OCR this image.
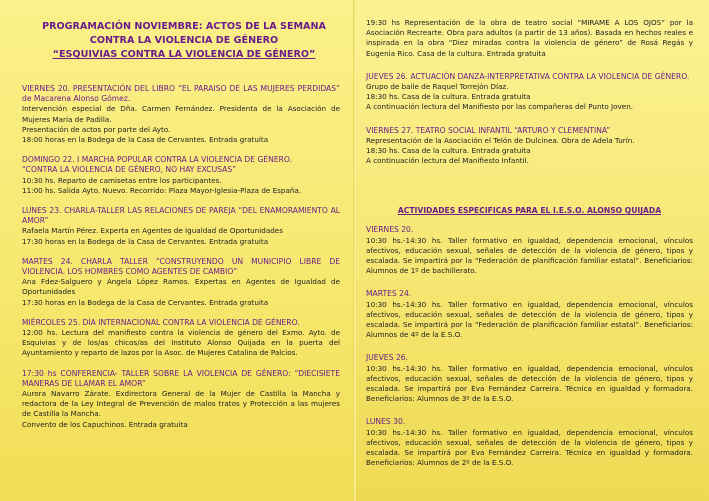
PROGRAMACIÓN NOVIEMBRE: ACTOS DE LA SEMANA
CONTRA LA VIOLENCIA DE GÉNERO
“ESQUIVIAS CONTRA LA VIOLENCIA DE GÉNERO”
VIERNES 20. PRESENTACIÓN DEL LIBRO “EL PARAISO DE LAS MUJERES PERDIDAS” de Macarena Alonso Gómez.
Intervención especial de Dña. Carmen Fernández. Presidenta de la Asociación de Mujeres María de Padilla.
Presentación de actos por parte del Ayto.
18:00 horas en la Bodega de la Casa de Cervantes. Entrada gratuita
DOMINGO 22. I MARCHA POPULAR CONTRA LA VIOLENCIA DE GÉNERO.
“CONTRA LA VIOLENCIA DE GÉNERO, NO HAY EXCUSAS”
10:30 hs. Reparto de camisetas entre los participantes.
11:00 hs. Salida Ayto. Nuevo. Recorrido: Plaza Mayor-Iglesia-Plaza de España.
LUNES 23. CHARLA-TALLER LAS RELACIONES DE PAREJA “DEL ENAMORAMIENTO AL AMOR”
Rafaela Martín Pérez. Experta en Agentes de Igualdad de Oportunidades
17:30 horas en la Bodega de la Casa de Cervantes. Entrada gratuita
MARTES 24. CHARLA TALLER “CONSTRUYENDO UN MUNICIPIO LIBRE DE VIOLENCIA. LOS HOMBRES COMO AGENTES DE CAMBIO”
Ana Fdez-Salguero y Ángela López Ramos. Expertas en Agentes de Igualdad de Oportunidades
17:30 horas en la Bodega de la Casa de Cervantes. Entrada gratuita
MIÉRCOLES 25. DÍA INTERNACIONAL CONTRA LA VIOLENCIA DE GÉNERO.
12:00 hs. Lectura del manifiesto contra la violencia de género del Exmo. Ayto. de Esquivias y de los/as chicos/as del Instituto Alonso Quijada en la puerta del Ayuntamiento y reparto de lazos por la Asoc. de Mujeres Catalina de Palcios.
17:30 hs CONFERENCIA- TALLER SOBRE LA VIOLENCIA DE GÉNERO: “DIECISIETE MANERAS DE LLAMAR EL AMOR”
Aurora Navarro Zárate. Exdirectora General de la Mujer de Castilla la Mancha y redactora de la Ley Integral de Prevención de malos tratos y Protección a las mujeres de Castilla la Mancha.
Convento de los Capuchinos. Entrada gratuita
19:30 hs Representación de la obra de teatro social “MIRAME A LOS OJOS” por la Asociación Recrearte. Obra para adultos (a partir de 13 años). Basada en hechos reales e inspirada en la obra “Diez miradas contra la violencia de género” de Rosá Regás y Eugenia Rico. Casa de la cultura. Entrada gratuita
JUEVES 26. ACTUACIÓN DANZA-INTERPRETATIVA CONTRA LA VIOLENCIA DE GÉNERO.
Grupo de baile de Raquel Torrejón Díaz.
18:30 hs. Casa de la cultura. Entrada gratuita
A continuación lectura del Manifiesto por las compañeras del Punto Joven.
VIERNES 27. TEATRO SOCIAL INFANTIL “ARTURO Y CLEMENTINA”
Representación de la Asociación el Telón de Dulcinea. Obra de Adela Turín.
18:30 hs. Casa de la cultura. Entrada gratuita
A continuación lectura del Manifiesto Infantil.
ACTIVIDADES ESPECIFICAS PARA EL I.E.S.O. ALONSO QUIJADA
VIERNES 20.
10:30 hs.-14:30 hs. Taller formativo en igualdad, dependencia emocional, vínculos afectivos, educación sexual, señales de detección de la violencia de género, tipos y escalada. Se impartirá por la “Federación de planificación familiar estatal”. Beneficiarios: Alumnos de 1º de bachillerato.
MARTES 24.
10:30 hs.-14:30 hs. Taller formativo en igualdad, dependencia emocional, vínculos afectivos, educación sexual, señales de detección de la violencia de género, tipos y escalada. Se impartirá por la “Federación de planificación familiar estatal”. Beneficiarios: Alumnos de 4º de la E.S.O.
JUEVES 26.
10:30 hs.-14:30 hs. Taller formativo en igualdad, dependencia emocional, vínculos afectivos, educación sexual, señales de detección de la violencia de género, tipos y escalada. Se impartirá por Eva Fernández Carreira. Técnica en igualdad y formadora. Beneficiarios: Alumnos de 3º de la E.S.O.
LUNES 30.
10:30 hs.-14:30 hs. Taller formativo en igualdad, dependencia emocional, vínculos afectivos, educación sexual, señales de detección de la violencia de género, tipos y escalada. Se impartirá por Eva Fernández Carreira. Técnica en igualdad y formadora. Beneficiarios: Alumnos de 2º de la E.S.O.
